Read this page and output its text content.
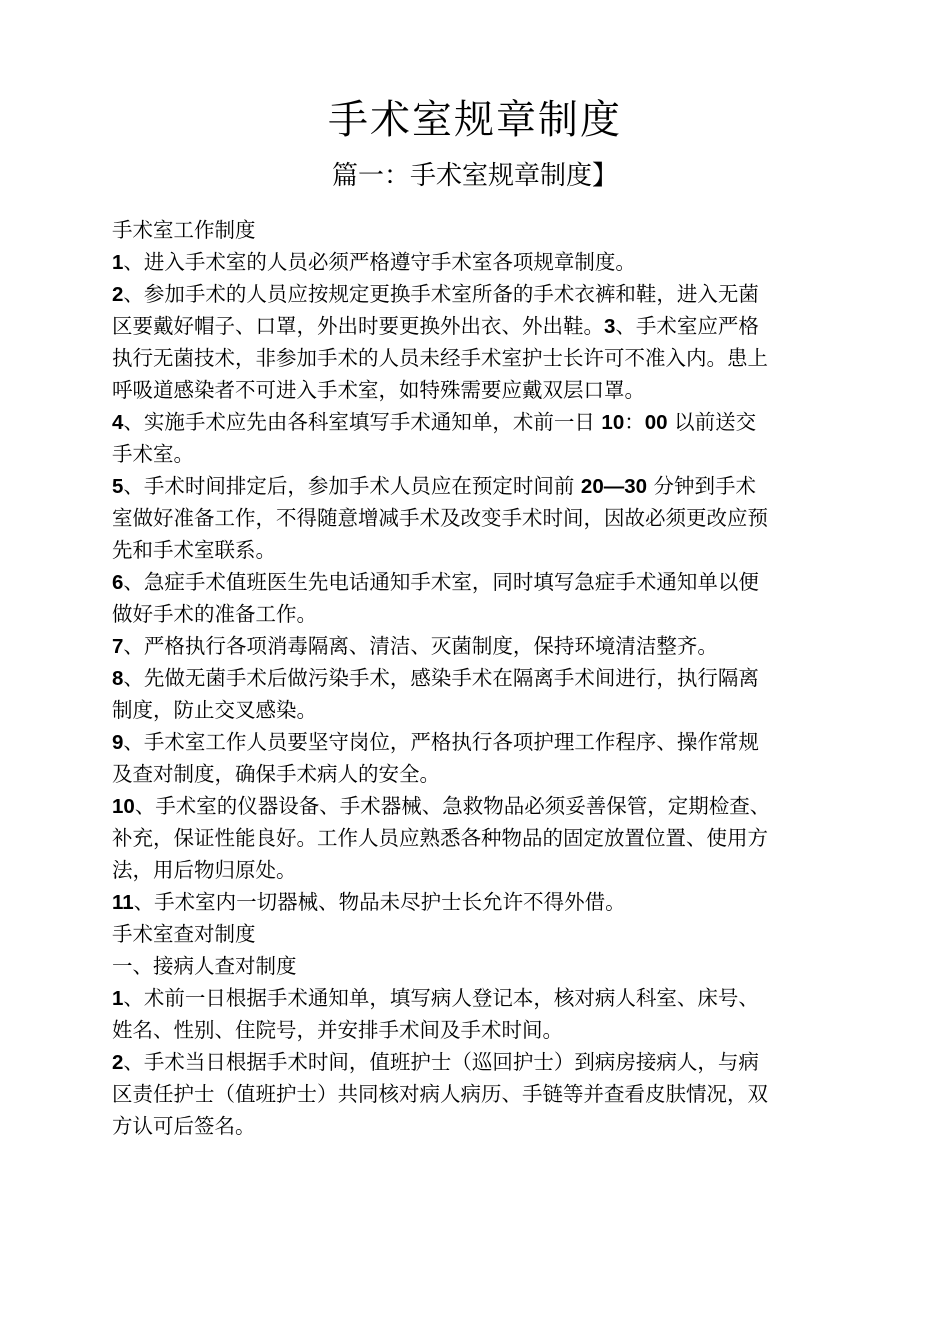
手术室规章制度
篇一：手术室规章制度】
手术室工作制度
1、进入手术室的人员必须严格遵守手术室各项规章制度。
2、参加手术的人员应按规定更换手术室所备的手术衣裤和鞋，进入无菌
区要戴好帽子、口罩，外出时要更换外出衣、外出鞋。3、手术室应严格
执行无菌技术，非参加手术的人员未经手术室护士长许可不准入内。患上
呼吸道感染者不可进入手术室，如特殊需要应戴双层口罩。
4、实施手术应先由各科室填写手术通知单，术前一日 10：00 以前送交
手术室。
5、手术时间排定后，参加手术人员应在预定时间前 20—30 分钟到手术
室做好准备工作，不得随意增减手术及改变手术时间，因故必须更改应预
先和手术室联系。
6、急症手术值班医生先电话通知手术室，同时填写急症手术通知单以便
做好手术的准备工作。
7、严格执行各项消毒隔离、清洁、灭菌制度，保持环境清洁整齐。
8、先做无菌手术后做污染手术，感染手术在隔离手术间进行，执行隔离
制度，防止交叉感染。
9、手术室工作人员要坚守岗位，严格执行各项护理工作程序、操作常规
及查对制度，确保手术病人的安全。
10、手术室的仪器设备、手术器械、急救物品必须妥善保管，定期检查、
补充，保证性能良好。工作人员应熟悉各种物品的固定放置位置、使用方
法，用后物归原处。
11、手术室内一切器械、物品未尽护士长允许不得外借。
手术室查对制度
一、接病人查对制度
1、术前一日根据手术通知单，填写病人登记本，核对病人科室、床号、
姓名、性别、住院号，并安排手术间及手术时间。
2、手术当日根据手术时间，值班护士（巡回护士）到病房接病人，与病
区责任护士（值班护士）共同核对病人病历、手链等并查看皮肤情况，双
方认可后签名。
